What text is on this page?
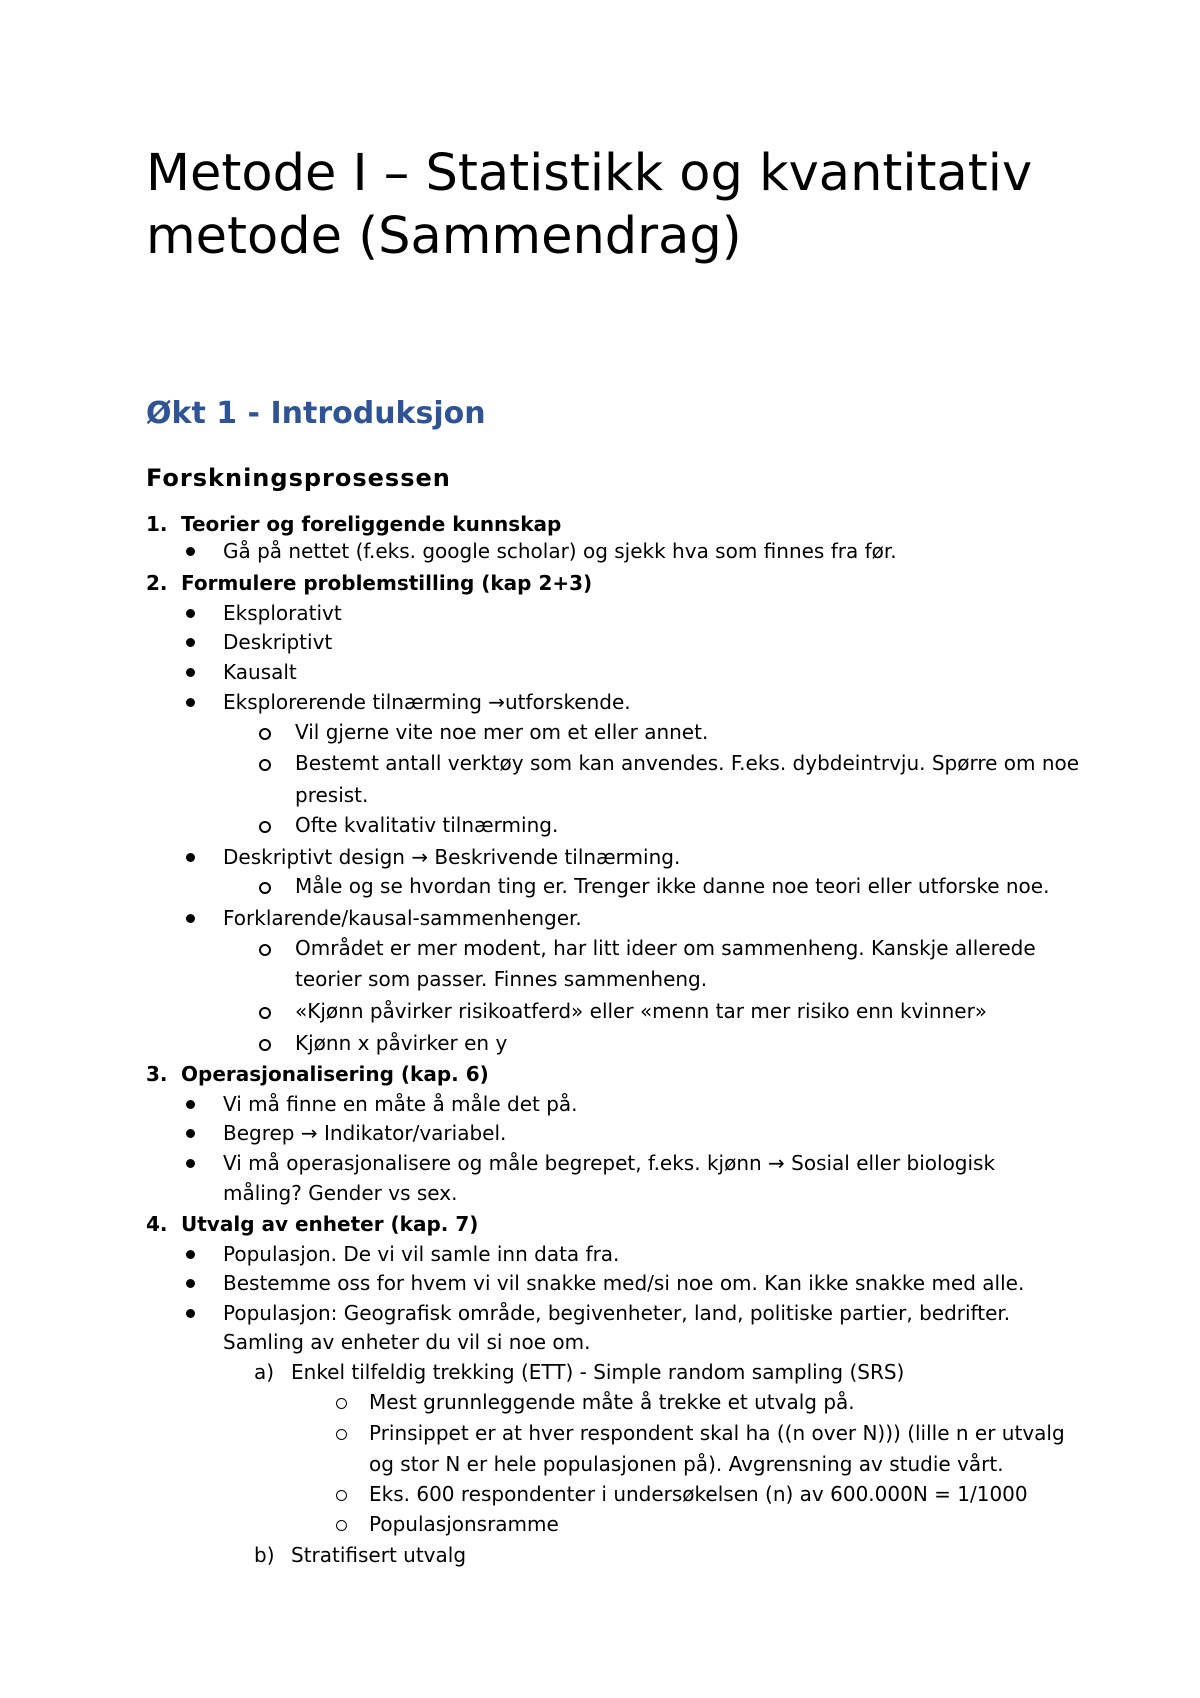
Metode I – Statistikk og kvantitativ metode (Sammendrag)
Økt 1 - Introduksjon
Forskningsprosessen
1. Teorier og foreliggende kunnskap
Gå på nettet (f.eks. google scholar) og sjekk hva som finnes fra før.
2. Formulere problemstilling (kap 2+3)
Eksplorativt
Deskriptivt
Kausalt
Eksplorerende tilnærming →utforskende.
Vil gjerne vite noe mer om et eller annet.
Bestemt antall verktøy som kan anvendes. F.eks. dybdeintrvju. Spørre om noe
presist.
Ofte kvalitativ tilnærming.
Deskriptivt design → Beskrivende tilnærming.
Måle og se hvordan ting er. Trenger ikke danne noe teori eller utforske noe.
Forklarende/kausal-sammenhenger.
Området er mer modent, har litt ideer om sammenheng. Kanskje allerede
teorier som passer. Finnes sammenheng.
«Kjønn påvirker risikoatferd» eller «menn tar mer risiko enn kvinner»
Kjønn x påvirker en y
3. Operasjonalisering (kap. 6)
Vi må finne en måte å måle det på.
Begrep → Indikator/variabel.
Vi må operasjonalisere og måle begrepet, f.eks. kjønn → Sosial eller biologisk
måling? Gender vs sex.
4. Utvalg av enheter (kap. 7)
Populasjon. De vi vil samle inn data fra.
Bestemme oss for hvem vi vil snakke med/si noe om. Kan ikke snakke med alle.
Populasjon: Geografisk område, begivenheter, land, politiske partier, bedrifter.
Samling av enheter du vil si noe om.
a) Enkel tilfeldig trekking (ETT) - Simple random sampling (SRS)
Mest grunnleggende måte å trekke et utvalg på.
Prinsippet er at hver respondent skal ha ((n over N))) (lille n er utvalg
og stor N er hele populasjonen på). Avgrensning av studie vårt.
Eks. 600 respondenter i undersøkelsen (n) av 600.000N = 1/1000
Populasjonsramme
b) Stratifisert utvalg
